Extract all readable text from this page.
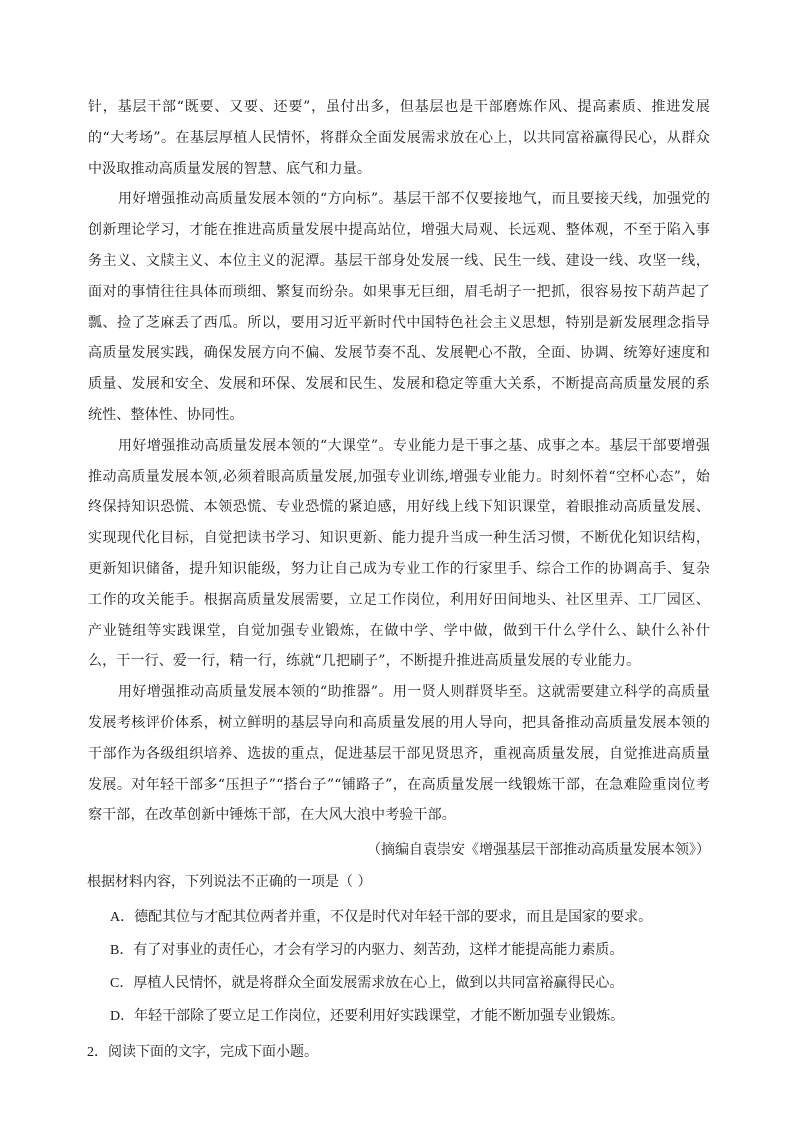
针，基层干部“既要、又要、还要”，虽付出多，但基层也是干部磨炼作风、提高素质、推进发展的“大考场”。在基层厚植人民情怀，将群众全面发展需求放在心上，以共同富裕赢得民心，从群众中汲取推动高质量发展的智慧、底气和力量。

用好增强推动高质量发展本领的“方向标”。基层干部不仅要接地气，而且要接天线，加强党的创新理论学习，才能在推进高质量发展中提高站位，增强大局观、长远观、整体观，不至于陷入事务主义、文牍主义、本位主义的泥潭。基层干部身处发展一线、民生一线、建设一线、攻坚一线，面对的事情往往具体而琐细、繁复而纷杂。如果事无巨细，眉毛胡子一把抓，很容易按下葫芦起了瓢、捡了芝麻丢了西瓜。所以，要用习近平新时代中国特色社会主义思想，特别是新发展理念指导高质量发展实践，确保发展方向不偏、发展节奏不乱、发展靶心不散，全面、协调、统筹好速度和质量、发展和安全、发展和环保、发展和民生、发展和稳定等重大关系，不断提高高质量发展的系统性、整体性、协同性。

用好增强推动高质量发展本领的“大课堂”。专业能力是干事之基、成事之本。基层干部要增强推动高质量发展本领,必须着眼高质量发展,加强专业训练,增强专业能力。时刻怀着“空杯心态”，始终保持知识恐慌、本领恐慌、专业恐慌的紧迫感，用好线上线下知识课堂，着眼推动高质量发展、实现现代化目标，自觉把读书学习、知识更新、能力提升当成一种生活习惯，不断优化知识结构，更新知识储备，提升知识能级，努力让自己成为专业工作的行家里手、综合工作的协调高手、复杂工作的攻关能手。根据高质量发展需要，立足工作岗位，利用好田间地头、社区里弄、工厂园区、产业链组等实践课堂，自觉加强专业锻炼，在做中学、学中做，做到干什么学什么、缺什么补什么，干一行、爱一行，精一行，练就“几把刷子”，不断提升推进高质量发展的专业能力。

用好增强推动高质量发展本领的“助推器”。用一贤人则群贤毕至。这就需要建立科学的高质量发展考核评价体系，树立鲜明的基层导向和高质量发展的用人导向，把具备推动高质量发展本领的干部作为各级组织培养、选拔的重点，促进基层干部见贤思齐，重视高质量发展，自觉推进高质量发展。对年轻干部多“压担子”“搭台子”“铺路子”，在高质量发展一线锻炼干部，在急难险重岗位考察干部，在改革创新中锤炼干部，在大风大浪中考验干部。

（摘编自袁崇安《增强基层干部推动高质量发展本领》）

根据材料内容，下列说法不正确的一项是（ ）

A．德配其位与才配其位两者并重，不仅是时代对年轻干部的要求，而且是国家的要求。
B．有了对事业的责任心，才会有学习的内驱力、刻苦劲，这样才能提高能力素质。
C．厚植人民情怀，就是将群众全面发展需求放在心上，做到以共同富裕赢得民心。
D．年轻干部除了要立足工作岗位，还要利用好实践课堂，才能不断加强专业锻炼。

2．阅读下面的文字，完成下面小题。
